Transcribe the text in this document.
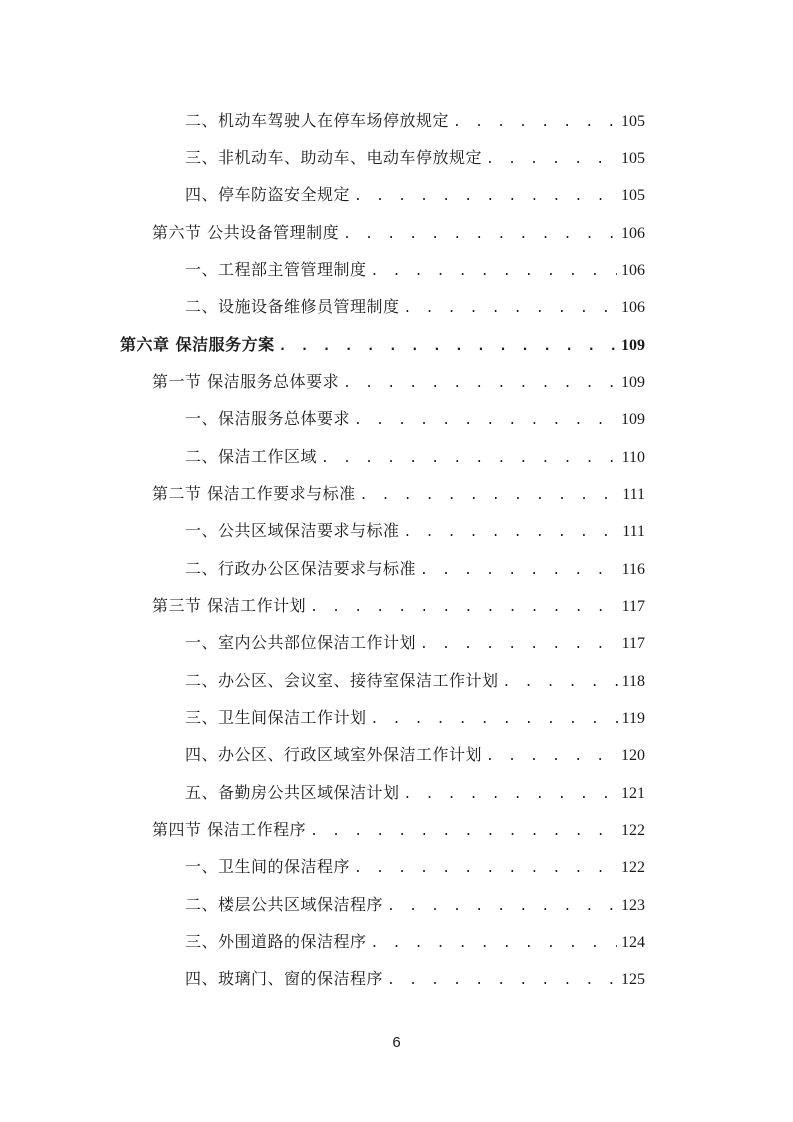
二、机动车驾驶人在停车场停放规定 . . .	105
三、非机动车、助动车、电动车停放规定 . . .	105
四、停车防盗安全规定 . . .	105
第六节 公共设备管理制度 . . .	106
一、工程部主管管理制度 . . .	106
二、设施设备维修员管理制度 . . .	106
第六章 保洁服务方案 . . .	109
第一节 保洁服务总体要求 . . .	109
一、保洁服务总体要求 . . .	109
二、保洁工作区域 . . .	110
第二节 保洁工作要求与标准 . . .	111
一、公共区域保洁要求与标准 . . .	111
二、行政办公区保洁要求与标准 . . .	116
第三节 保洁工作计划 . . .	117
一、室内公共部位保洁工作计划 . . .	117
二、办公区、会议室、接待室保洁工作计划 . . .	118
三、卫生间保洁工作计划 . . .	119
四、办公区、行政区域室外保洁工作计划 . . .	120
五、备勤房公共区域保洁计划 . . .	121
第四节 保洁工作程序 . . .	122
一、卫生间的保洁程序 . . .	122
二、楼层公共区域保洁程序 . . .	123
三、外围道路的保洁程序 . . .	124
四、玻璃门、窗的保洁程序 . . .	125
6
